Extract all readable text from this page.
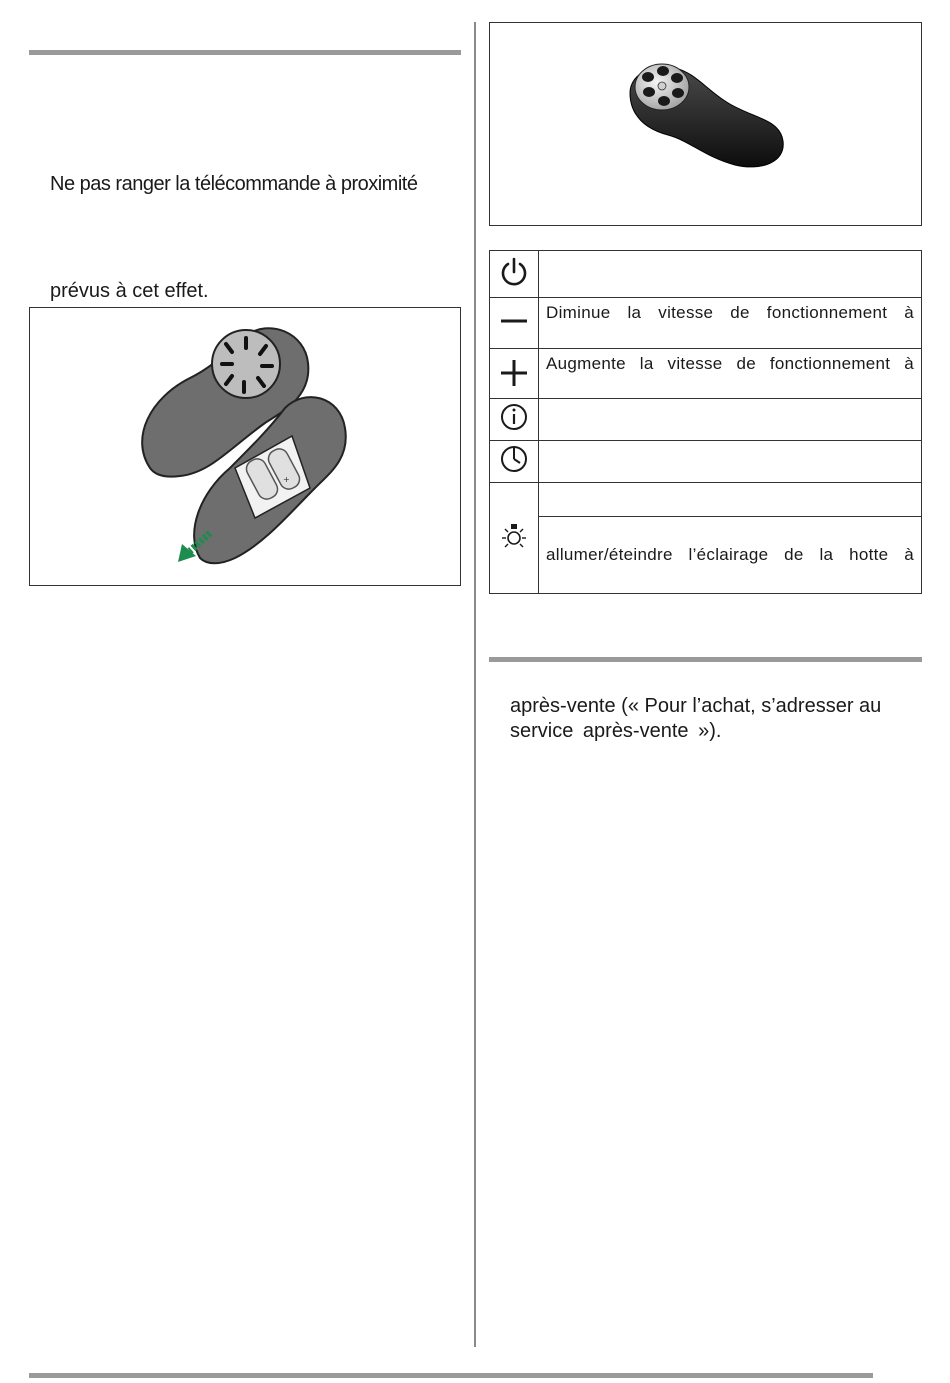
Ne pas ranger la télécommande à proximité

prévus à cet effet.

+

	Diminue la vitesse de fonctionnement à
	Augmente la vitesse de fonctionnement à

	allumer/éteindre l’éclairage de la hotte à

après-vente (« Pour l’achat, s’adresser au

service après-vente »).
